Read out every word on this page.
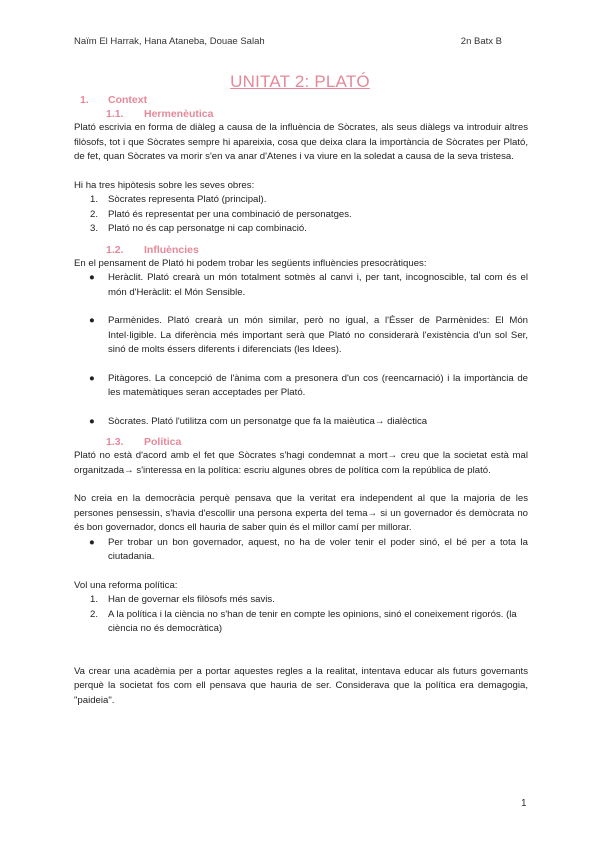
Naïm El Harrak, Hana Ataneba, Douae Salah	2n Batx B
UNITAT 2: PLATÓ
1. Context
1.1. Hermenèutica

Plató escrivia en forma de diàleg a causa de la influència de Sòcrates, als seus diàlegs va introduir altres filòsofs, tot i que Sòcrates sempre hi apareixia, cosa que deixa clara la importància de Sòcrates per Plató, de fet, quan Sòcrates va morir s'en va anar d'Atenes i va viure en la soledat a causa de la seva tristesa.

Hi ha tres hipòtesis sobre les seves obres:

1. Sòcrates representa Plató (principal).
2. Plató és representat per una combinació de personatges.
3. Plató no és cap personatge ni cap combinació.
1.2. Influències

En el pensament de Plató hi podem trobar les següents influències presocràtiques:

● Heràclit. Plató crearà un món totalment sotmès al canvi i, per tant, incognoscible, tal com és el món d'Heràclit: el Món Sensible.
● Parmènides. Plató crearà un món similar, però no igual, a l'Ésser de Parmènides: El Món Intel·ligible. La diferència més important serà que Plató no considerarà l'existència d'un sol Ser, sinó de molts éssers diferents i diferenciats (les Idees).
● Pitàgores. La concepció de l'ànima com a presonera d'un cos (reencarnació) i la importància de les matemàtiques seran acceptades per Plató.
● Sòcrates. Plató l'utilitza com un personatge que fa la maièutica→ dialèctica
1.3. Política

Plató no està d'acord amb el fet que Sòcrates s'hagi condemnat a mort→ creu que la societat està mal organitzada→ s'interessa en la política: escriu algunes obres de política com la república de plató.

No creia en la democràcia perquè pensava que la veritat era independent al que la majoria de les persones pensessin, s'havia d'escollir una persona experta del tema→ si un governador és demòcrata no és bon governador, doncs ell hauria de saber quin és el millor camí per millorar.

● Per trobar un bon governador, aquest, no ha de voler tenir el poder sinó, el bé per a tota la ciutadania.

Vol una reforma política:

1. Han de governar els filòsofs més savis.
2. A la política i la ciència no s'han de tenir en compte les opinions, sinó el coneixement rigorós. (la ciència no és democràtica)

Va crear una acadèmia per a portar aquestes regles a la realitat, intentava educar als futurs governants perquè la societat fos com ell pensava que hauria de ser. Considerava que la política era demagogia, "paideia".

1
